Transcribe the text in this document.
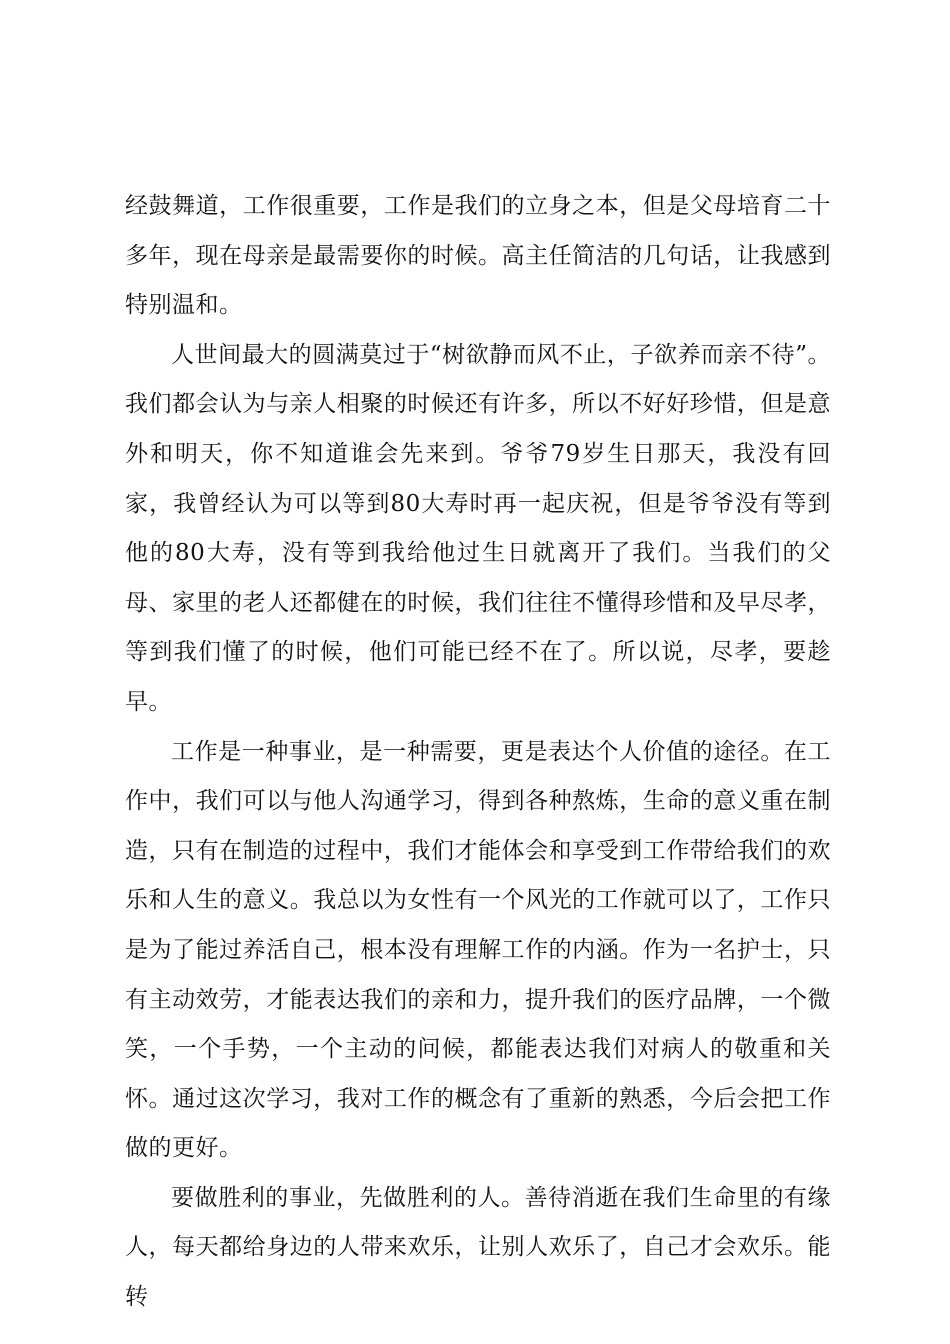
经鼓舞道，工作很重要，工作是我们的立身之本，但是父母培育二十多年，现在母亲是最需要你的时候。高主任简洁的几句话，让我感到特别温和。

人世间最大的圆满莫过于“树欲静而风不止，子欲养而亲不待”。我们都会认为与亲人相聚的时候还有许多，所以不好好珍惜，但是意外和明天，你不知道谁会先来到。爷爷79岁生日那天，我没有回家，我曾经认为可以等到80大寿时再一起庆祝，但是爷爷没有等到他的80大寿，没有等到我给他过生日就离开了我们。当我们的父母、家里的老人还都健在的时候，我们往往不懂得珍惜和及早尽孝，等到我们懂了的时候，他们可能已经不在了。所以说，尽孝，要趁早。

工作是一种事业，是一种需要，更是表达个人价值的途径。在工作中，我们可以与他人沟通学习，得到各种熬炼，生命的意义重在制造，只有在制造的过程中，我们才能体会和享受到工作带给我们的欢乐和人生的意义。我总以为女性有一个风光的工作就可以了，工作只是为了能过养活自己，根本没有理解工作的内涵。作为一名护士，只有主动效劳，才能表达我们的亲和力，提升我们的医疗品牌，一个微笑，一个手势，一个主动的问候，都能表达我们对病人的敬重和关怀。通过这次学习，我对工作的概念有了重新的熟悉，今后会把工作做的更好。

要做胜利的事业，先做胜利的人。善待消逝在我们生命里的有缘人，每天都给身边的人带来欢乐，让别人欢乐了，自己才会欢乐。能转
